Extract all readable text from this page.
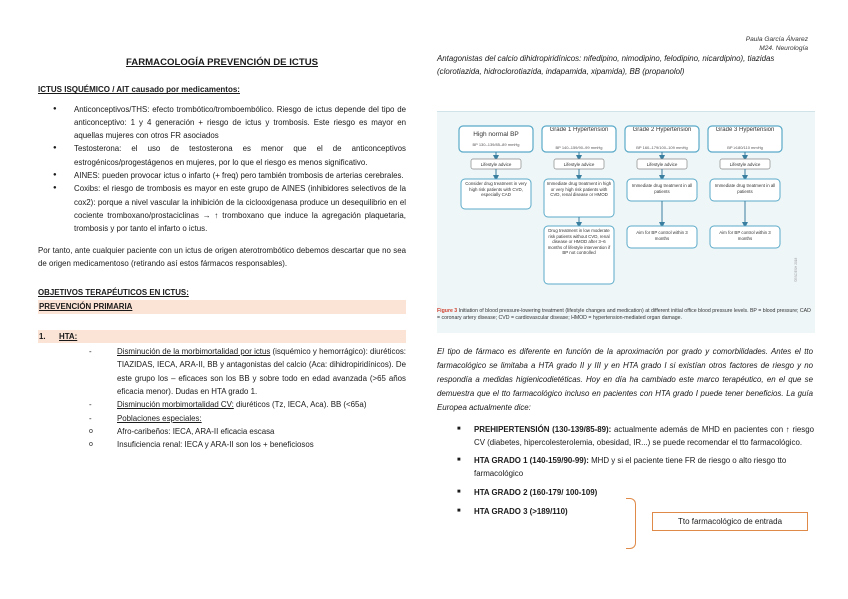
Paula García Álvarez
M24. Neurología
FARMACOLOGÍA PREVENCIÓN DE ICTUS
ICTUS ISQUÉMICO / AIT causado por medicamentos:
● Anticonceptivos/THS: efecto trombótico/tromboembólico. Riesgo de ictus depende del tipo de anticonceptivo: 1 y 4 generación + riesgo de ictus y trombosis. Este riesgo es mayor en aquellas mujeres con otros FR asociados
● Testosterona: el uso de testosterona es menor que el de anticonceptivos estrogénicos/progestágenos en mujeres, por lo que el riesgo es menos significativo.
● AINES: pueden provocar ictus o infarto (+ freq) pero también trombosis de arterias cerebrales.
● Coxibs: el riesgo de trombosis es mayor en este grupo de AINES (inhibidores selectivos de la cox2): porque a nivel vascular la inhibición de la ciclooxigenasa produce un desequilibrio en el cociente tromboxano/prostaciclinas → ↑ tromboxano que induce la agregación plaquetaria, trombosis y por tanto el infarto o ictus.

Por tanto, ante cualquier paciente con un ictus de origen aterotrombótico debemos descartar que no sea de origen medicamentoso (retirando así estos fármacos responsables).

OBJETIVOS TERAPÉUTICOS EN ICTUS:
PREVENCIÓN PRIMARIA
1. HTA:
- Disminución de la morbimortalidad por ictus (isquémico y hemorrágico): diuréticos: TIAZIDAS, IECA, ARA-II, BB y antagonistas del calcio (Aca: dihidropiridínicos). De este grupo los – eficaces son los BB y sobre todo en edad avanzada (>65 años eficacia menor). Dudas en HTA grado 1.
- Disminución morbimortalidad CV: diuréticos (Tz, IECA, Aca). BB (<65a)
- Poblaciones especiales:
o Afro-caribeños: IECA, ARA-II eficacia escasa
o Insuficiencia renal: IECA y ARA-II son los + beneficiosos
Antagonistas del calcio dihidropiridínicos: nifedipino, nimodipino, felodipino, nicardipino), tiazidas (clorotiazida, hidroclorotiazida, indapamida, xipamida), BB (propanolol)
High normal BP
BP 130–139/85–89 mmHg
Lifestyle advice
Consider drug treatment in very high risk patients with CVD, especially CAD
Grade 1 Hypertension
BP 140–159/90–99 mmHg
Lifestyle advice
Immediate drug treatment in high or very high risk patients with CVD, renal disease or HMOD
Drug treatment in low moderate risk patients without CVD, renal disease or HMOD after 3–6 months of lifestyle intervention if BP not controlled
Grade 2 Hypertension
BP 160–179/100–109 mmHg
Lifestyle advice
Immediate drug treatment in all patients
Aim for BP control within 3 months
Grade 3 Hypertension
BP ≥180/110 mmHg
Lifestyle advice
Immediate drug treatment in all patients
Aim for BP control within 3 months
©ESC/ESH 2018
Figure 3 Initiation of blood pressure-lowering treatment (lifestyle changes and medication) at different initial office blood pressure levels. BP = blood pressure; CAD = coronary artery disease; CVD = cardiovascular disease; HMOD = hypertension-mediated organ damage.
El tipo de fármaco es diferente en función de la aproximación por grado y comorbilidades. Antes el tto farmacológico se limitaba a HTA grado II y III y en HTA grado I si existían otros factores de riesgo y no respondía a medidas higienicodietéticas. Hoy en día ha cambiado este marco terapéutico, en el que se demuestra que el tto farmacológico incluso en pacientes con HTA grado I puede tener beneficios. La guía Europea actualmente dice:
■ PREHIPERTENSIÓN (130-139/85-89): actualmente además de MHD en pacientes con ↑ riesgo CV (diabetes, hipercolesterolemia, obesidad, IR...) se puede recomendar el tto farmacológico.
■ HTA GRADO 1 (140-159/90-99): MHD y si el paciente tiene FR de riesgo o alto riesgo tto farmacológico
■ HTA GRADO 2 (160-179/ 100-109)
■ HTA GRADO 3 (>189/110)
Tto farmacológico de entrada
